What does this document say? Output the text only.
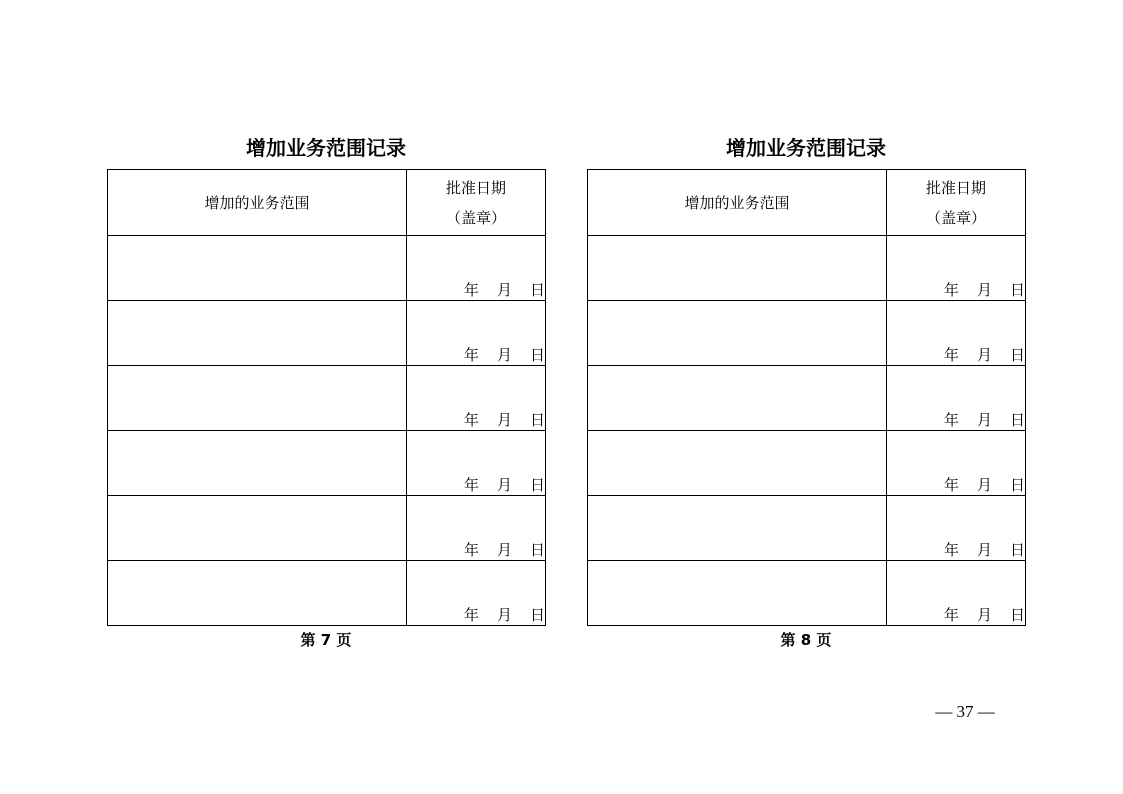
增加业务范围记录
增加的业务范围	批准日期
（盖章）

	年 月 日
	年 月 日
	年 月 日
	年 月 日
	年 月 日
	年 月 日
第 7 页
增加业务范围记录
增加的业务范围	批准日期
（盖章）

	年 月 日
	年 月 日
	年 月 日
	年 月 日
	年 月 日
	年 月 日
第 8 页
— 37 —
